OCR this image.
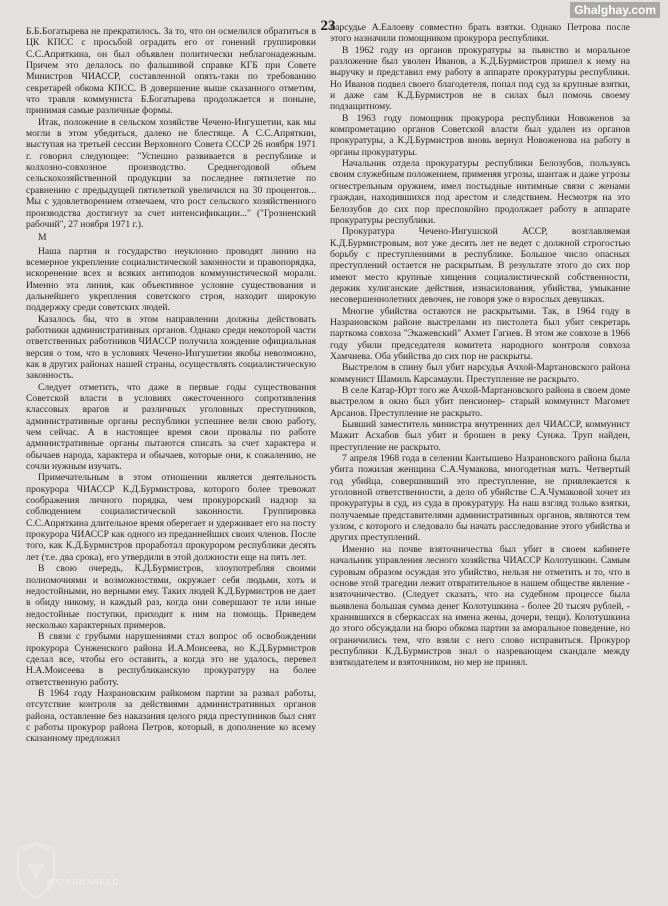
Ghalghay.com
23

Б.Б.Богатырева не прекратилось. За то, что он осмелился обратиться в ЦК КПСС с просьбой оградить его от гонений группировки С.С.Апряткина, он был объявлен политически неблагонадежным. Причем это делалось по фальшивой справке КГБ при Совете Министров ЧИАССР, составленной опять-таки по требованию секретарей обкома КПСС. В довершение выше сказанного отметим, что травля коммуниста Б.Богатырева продолжается и поныне, принимая самые различные формы.

Итак, положение в сельском хозяйстве Чечено-Ингушетии, как мы могли в этом убедиться, далеко не блестяще. А С.С.Апряткин, выступая на третьей сессии Верховного Совета СССР 26 ноября 1971 г. говорил следующее: "Успешно развивается в республике и колхозно-совхозное производство. Среднегодовой объем сельскохозяйственной продукции за последнее пятилетие по сравнению с предыдущей пятилеткой увеличился на 30 процентов... Мы с удовлетворением отмечаем, что рост сельского хозяйственного производства достигнут за счет интенсификации..." ("Грозненский рабочий", 27 ноября 1971 г.).

М

Наша партия и государство неуклонно проводят линию на всемерное укрепление социалистической законности и правопорядка, искоренение всех и всяких антиподов коммунистической морали. Именно эта линия, как объективное условие существования и дальнейшего укрепления советского строя, находит широкую поддержку среди советских людей.

Казалось бы, что в этом направлении должны действовать работники административных органов. Однако среди некоторой части ответственных работников ЧИАССР получила хождение официальная версия о том, что в условиях Чечено-Ингушетии якобы невозможно, как в других районах нашей страны, осуществлять социалистическую законность.

Следует отметить, что даже в первые годы существования Советской власти в условиях ожесточенного сопротивления классовых врагов и различных уголовных преступников, административные органы республики успешнее вели свою работу, чем сейчас. А в настоящее время свои провалы по работе административные органы пытаются списать за счет характера и обычаев народа, характера и обычаев, которые они, к сожалению, не сочли нужным изучать.

Примечательным в этом отношении является деятельность прокурора ЧИАССР К.Д.Бурмистрова, которого более тревожат соображения личного порядка, чем прокурорский надзор за соблюдением социалистической законности. Группировка С.С.Апряткина длительное время оберегает и удерживает его на посту прокурора ЧИАССР как одного из преданнейших своих членов. После того, как К.Д.Бурмистров проработал прокурором республики десять лет (т.е. два срока), его утвердили в этой должности еще на пять лет.

В свою очередь, К.Д.Бурмистров, злоупотребляя своими полномочиями и возможностями, окружает себя людьми, хоть и недостойными, но верными ему. Таких людей К.Д.Бурмистров не дает в обиду никому, и каждый раз, когда они совершают те или иные недостойные поступки, приходит к ним на помощь. Приведем несколько характерных примеров.

В связи с грубыми нарушениями стал вопрос об освобождении прокурора Сунженского района И.А.Моисеева, но К.Д.Бурмистров сделал все, чтобы его оставить, а когда это не удалось, перевел Н.А.Моисеева в республиканскую прокуратуру на более ответственную работу.

В 1964 году Назрановским райкомом партии за развал работы, отсутствие контроля за действиями административных органов района, оставление без наказания целого ряда преступников был снят с работы прокурор района Петров, который, в дополнение ко всему сказанному предложил

нарсудье А.Еалоеву совместно брать взятки. Однако Петрова после этого назначили помощником прокурора республики.

В 1962 году из органов прокуратуры за пьянство и моральное разложение был уволен Иванов, а К.Д.Бурмистров пришел к нему на выручку и представил ему работу в аппарате прокуратуры республики. Но Иванов подвел своего благодетеля, попал под суд за крупные взятки, и даже сам К.Д.Бурмистров не в силах был помочь своему подзащитному.

В 1963 году помощник прокурора республики Новоженов за компрометацию органов Советской власти был удален из органов прокуратуры, а К.Д.Бурмистров вновь вернул Новоженова на работу в органы прокуратуры.

Начальник отдела прокуратуры республики Белозубов, пользуясь своим служебным положением, применяя угрозы, шантаж и даже угрозы огнестрельным оружием, имел постыдные интимные связи с женами граждан, находившихся под арестом и следствием. Несмотря на это Белозубов до сих пор преспокойно продолжает работу в аппарате прокуратуры республики.

Прокуратура Чечено-Ингушской АССР, возглавляемая К.Д.Бурмистровым, вот уже десять лет не ведет с должной строгостью борьбу с преступлениями в республике. Большое число опасных преступлений остается не раскрытым. В результате этого до сих пор имеют место крупные хищения социалистической собственности, держик хулиганские действия, изнасилования, убийства, умыкание несовершеннолетних девочек, не говоря уже о взрослых девушках.

Многие убийства остаются не раскрытыми. Так, в 1964 году в Назрановском районе выстрелами из пистолета был убит секретарь парткома совхоза "Экажевский" Ахмет Гагиев. В этом же совхозе в 1966 году убили председателя комитета народного контроля совхоза Хамчиева. Оба убийства до сих пор не раскрыты.

Выстрелом в спину был убит нарсудья Ачхой-Мартановского района коммунист Шамиль Карсамаули. Преступление не раскрыто.

В селе Катар-Юрт того же Ачхой-Мартановского района в своем доме выстрелом в окно был убит пенсионер- старый коммунист Магомет Арсанов. Преступление не раскрыто.

Бывший заместитель министра внутренних дел ЧИАССР, коммунист Мажит Асхабов был убит и брошен в реку Сунжа. Труп найден, преступление не раскрыто.

7 апреля 1968 года в селении Кантышево Назрановского района была убита пожилая женщина С.А.Чумакова, многодетная мать. Четвертый год убийца, совершивший это преступление, не привлекается к уголовной ответственности, а дело об убийстве С.А.Чумаковой хочет из прокуратуры в суд, из суда в прокуратуру. На наш взгляд только взятки, получаемые представителями административных органов, являются тем узлом, с которого и следовало бы начать расследование этого убийства и других преступлений.

Именно на почве взяточничества был убит в своем кабинете начальник управления лесного хозяйства ЧИАССР Колотушкин. Самым суровым образом осуждая это убийство, нельзя не отметить и то, что в основе этой трагедии лежит отвратительное в нашем обществе явление - взяточничество. (Следует сказать, что на судебном процессе была выявлена большая сумма денег Колотушкина - более 20 тысяч рублей, - хранившихся в сберкассах на имена жены, дочери, тещи). Колотушкина до этого обсуждали на бюро обкома партии за аморальное поведение, но ограничились тем, что взяли с него слово исправиться. Прокурор республики К.Д.Бурмистров знал о назревающем скандале между взяткодателем и взяточником, но мер не принял.

WATERMARKED
